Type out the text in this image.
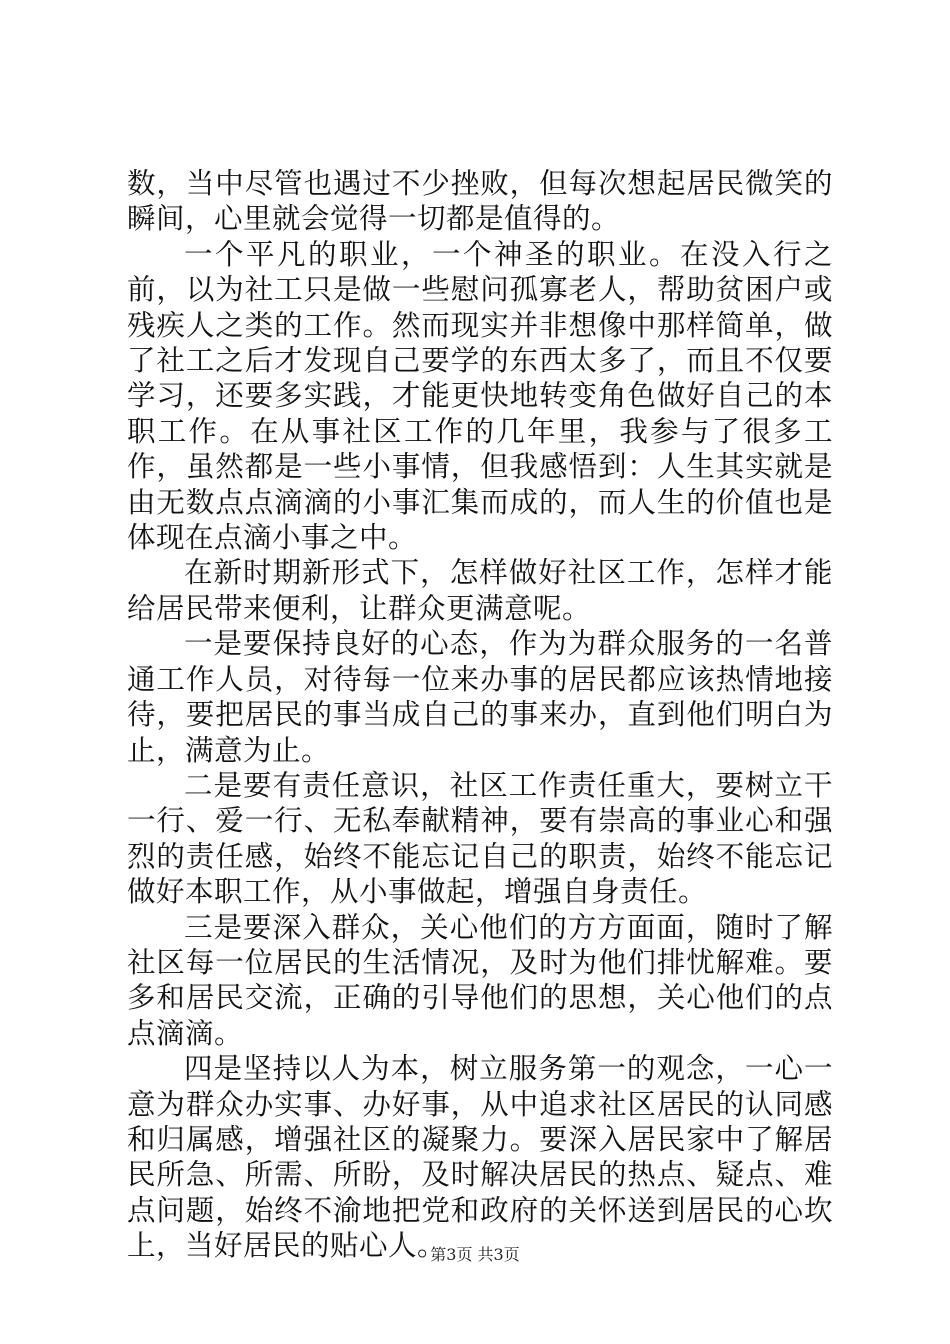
数，当中尽管也遇过不少挫败，但每次想起居民微笑的瞬间，心里就会觉得一切都是值得的。

一个平凡的职业，一个神圣的职业。在没入行之前，以为社工只是做一些慰问孤寡老人，帮助贫困户或残疾人之类的工作。然而现实并非想像中那样简单，做了社工之后才发现自己要学的东西太多了，而且不仅要学习，还要多实践，才能更快地转变角色做好自己的本职工作。在从事社区工作的几年里，我参与了很多工作，虽然都是一些小事情，但我感悟到：人生其实就是由无数点点滴滴的小事汇集而成的，而人生的价值也是体现在点滴小事之中。

在新时期新形式下，怎样做好社区工作，怎样才能给居民带来便利，让群众更满意呢。

一是要保持良好的心态，作为为群众服务的一名普通工作人员，对待每一位来办事的居民都应该热情地接待，要把居民的事当成自己的事来办，直到他们明白为止，满意为止。

二是要有责任意识，社区工作责任重大，要树立干一行、爱一行、无私奉献精神，要有崇高的事业心和强烈的责任感，始终不能忘记自己的职责，始终不能忘记做好本职工作，从小事做起，增强自身责任。

三是要深入群众，关心他们的方方面面，随时了解社区每一位居民的生活情况，及时为他们排忧解难。要多和居民交流，正确的引导他们的思想，关心他们的点点滴滴。

四是坚持以人为本，树立服务第一的观念，一心一意为群众办实事、办好事，从中追求社区居民的认同感和归属感，增强社区的凝聚力。要深入居民家中了解居民所急、所需、所盼，及时解决居民的热点、疑点、难点问题，始终不渝地把党和政府的关怀送到居民的心坎上，当好居民的贴心人。

第3页 共3页
